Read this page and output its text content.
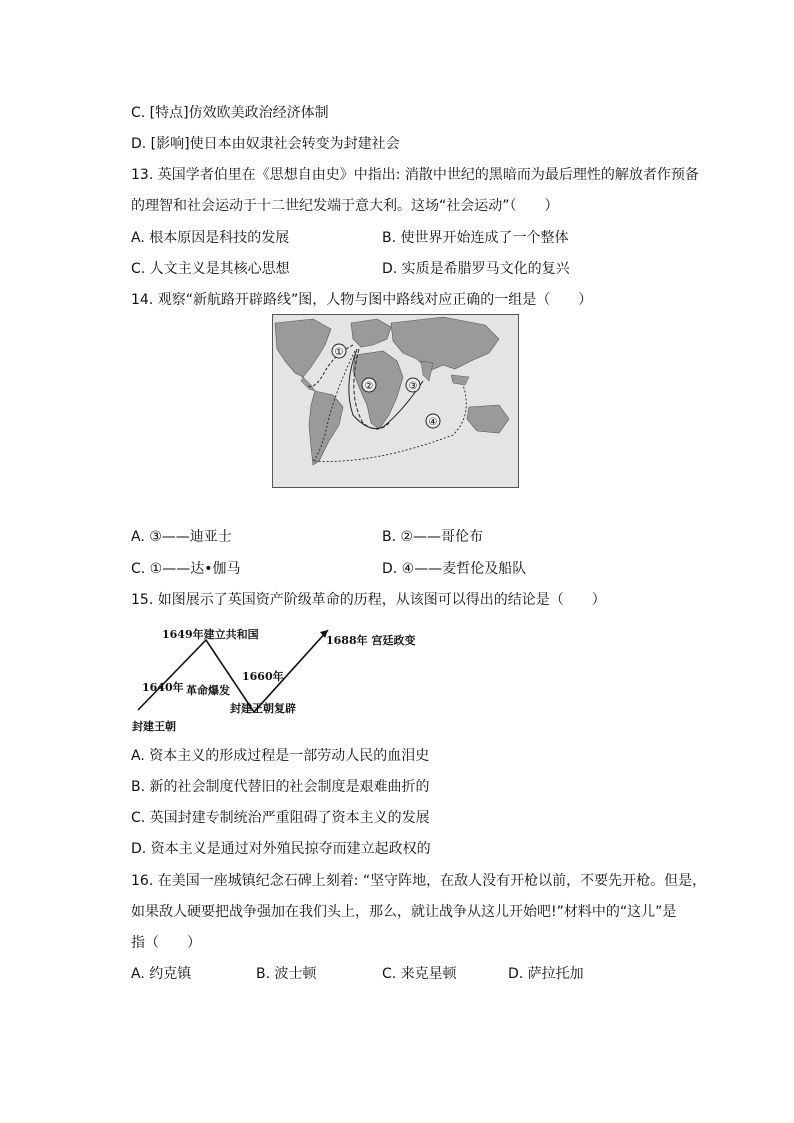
C. [特点]仿效欧美政治经济体制
D. [影响]使日本由奴隶社会转变为封建社会
13. 英国学者伯里在《思想自由史》中指出: 消散中世纪的黑暗而为最后理性的解放者作预备
的理智和社会运动于十二世纪发端于意大利。这场“社会运动”（　　）
A. 根本原因是科技的发展	B. 使世界开始连成了一个整体
C. 人文主义是其核心思想	D. 实质是希腊罗马文化的复兴
14. 观察“新航路开辟路线”图，人物与图中路线对应正确的一组是（　　）
①
②	③
④
A. ③——迪亚士	B. ②——哥伦布
C. ①——达•伽马	D. ④——麦哲伦及船队
15. 如图展示了英国资产阶级革命的历程，从该图可以得出的结论是（　　）
1649年建立共和国	1688年 宫廷政变
1660年
1640年 革命爆发
封建王朝复辟
封建王朝
A. 资本主义的形成过程是一部劳动人民的血泪史
B. 新的社会制度代替旧的社会制度是艰难曲折的
C. 英国封建专制统治严重阻碍了资本主义的发展
D. 资本主义是通过对外殖民掠夺而建立起政权的
16. 在美国一座城镇纪念石碑上刻着: “坚守阵地，在敌人没有开枪以前，不要先开枪。但是，
如果敌人硬要把战争强加在我们头上，那么，就让战争从这儿开始吧!”材料中的“这儿”是
指（　　）
A. 约克镇	B. 波士顿	C. 来克星顿	D. 萨拉托加
